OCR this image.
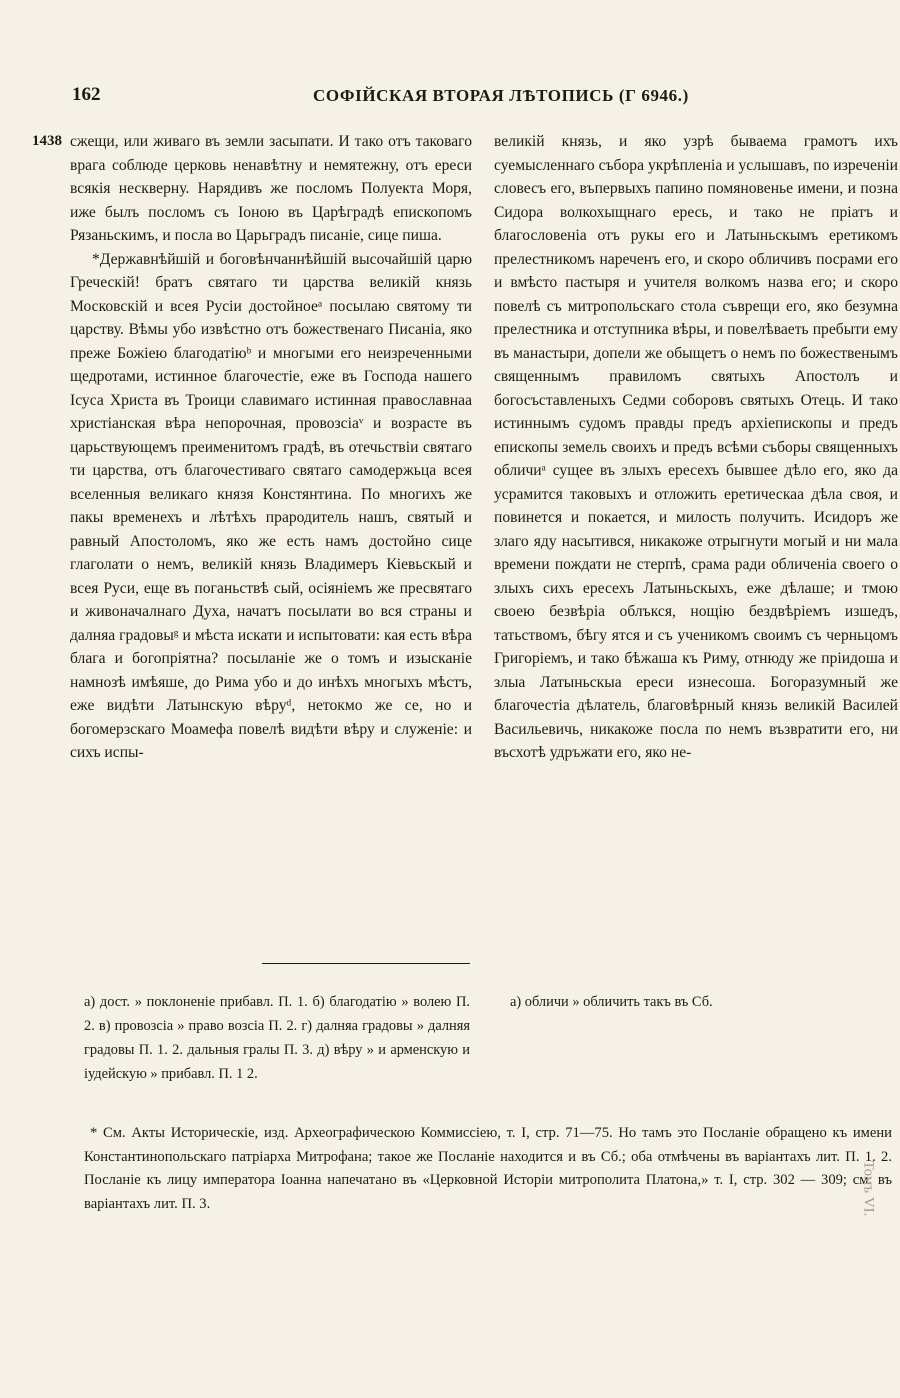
162	СОФІЙСКАЯ ВТОРАЯ ЛѢТОПИСЬ (Г 6946.)
1438 сжещи, или живаго въ земли засыпати. И тако отъ таковаго врага соблюде церковь ненавѣтну и немятежну, отъ ереси всякія нескверну. Нарядивъ же посломъ Полуекта Моря, иже былъ посломъ съ Іоною въ Царѣградѣ епископомъ Рязаньскимъ, и посла во Царьградъ писаніе, сице пиша.

*Державнѣйшій и боговѣнчаннѣйшій высочайшій царю Греческій! братъ святаго ти царства великій князь Московскій и всея Русіи достойноеᵃ посылаю святому ти царству. Вѣмы убо извѣстно отъ божественаго Писаніа, яко преже Божіею благодатіюᵇ и многыми его неизреченными щедротами, истинное благочестіе, еже въ Господа нашего Ісуса Христа въ Троици славимаго истинная православнаа христіанская вѣра непорочная, провозсіаᵛ и возрасте въ царьствующемъ преименитомъ градѣ, въ отечьствіи святаго ти царства, отъ благочестиваго святаго самодержьца всея вселенныя великаго князя Констянтина. По многихъ же пакы временехъ и лѣтѣхъ прародитель нашъ, святый и равный Апостоломъ, яко же есть намъ достойно сице глаголати о немъ, великій князь Владимеръ Кіевьскый и всея Руси, еще въ поганьствѣ сый, осіяніемъ же пресвятаго и живоначалнаго Духа, начатъ посылати во вся страны и далняа градовыᵍ и мѣста искати и испытовати: кая есть вѣра блага и богопріятна? посыланіе же о томъ и изысканіе намнозѣ имѣяше, до Рима убо и до инѣхъ многыхъ мѣстъ, еже видѣти Латынскую вѣруᵈ, нетокмо же се, но и богомерзскаго Моамефа повелѣ видѣти вѣру и служеніе: и сихъ испы-

великій князь, и яко узрѣ бываема грамотъ ихъ суемысленнаго събора укрѣпленіа и услышавъ, по изреченіи словесъ его, въпервыхъ папино помяновенье имени, и позна Сидора волкохыщнаго ересь, и тако не пріатъ и благословеніа отъ рукы его и Латыньскымъ еретикомъ прелестникомъ нареченъ его, и скоро обличивъ посрами его и вмѣсто пастыря и учителя волкомъ назва его; и скоро повелѣ съ митропольскаго стола съврещи его, яко безумна прелестника и отступника вѣры, и повелѣваеть пребыти ему въ манастыри, допели же обыщетъ о немъ по божественымъ священнымъ правиломъ святыхъ Апостолъ и богосъставленыхъ Седми соборовъ святыхъ Отець. И тако истиннымъ судомъ правды предъ архіепископы и предъ епископы земель своихъ и предъ всѣми съборы священныхъ обличиᵃ сущее въ злыхъ ересехъ бывшее дѣло его, яко да усрамится таковыхъ и отложить еретическаа дѣла своя, и повинется и покается, и милость получить. Исидоръ же злаго яду насытився, никакоже отрыгнути могый и ни мала времени пождати не стерпѣ, срама ради обличеніа своего о злыхъ сихъ ересехъ Латыньскыхъ, еже дѣлаше; и тмою своею безвѣріа облъкся, нощію бездвѣріемъ изшедъ, татьствомъ, бѣгу ятся и съ ученикомъ своимъ съ черньцомъ Григоріемъ, и тако бѣжаша къ Риму, отнюду же пріидоша и злыа Латыньскыа ереси изнесоша. Богоразумный же благочестіа дѣлатель, благовѣрный князь великій Василей Васильевичь, никакоже посла по немъ възвратити его, ни въсхотѣ удръжати его, яко не-

а) дост. » поклоненіе прибавл. П. 1. б) благодатію » волею П. 2. в) провозсіа » право возсіа П. 2. г) далняа градовы » далняя градовы П. 1. 2. дальныя гралы П. 3. д) вѣру » и арменскую и іудейскую » прибавл. П. 1 2.

а) обличи » обличить такъ въ Сб.

* См. Акты Историческіе, изд. Археографическою Коммиссіею, т. I, стр. 71—75. Но тамъ это Посланіе обращено къ имени Константинопольскаго патріарха Митрофана; такое же Посланіе находится и въ Сб.; оба отмѣчены въ варіантахъ лит. П. 1. 2. Посланіе къ лицу императора Іоанна напечатано въ «Церковной Исторіи митрополита Платона,» т. I, стр. 302 — 309; см. въ варіантахъ лит. П. 3.	Томъ VI.
